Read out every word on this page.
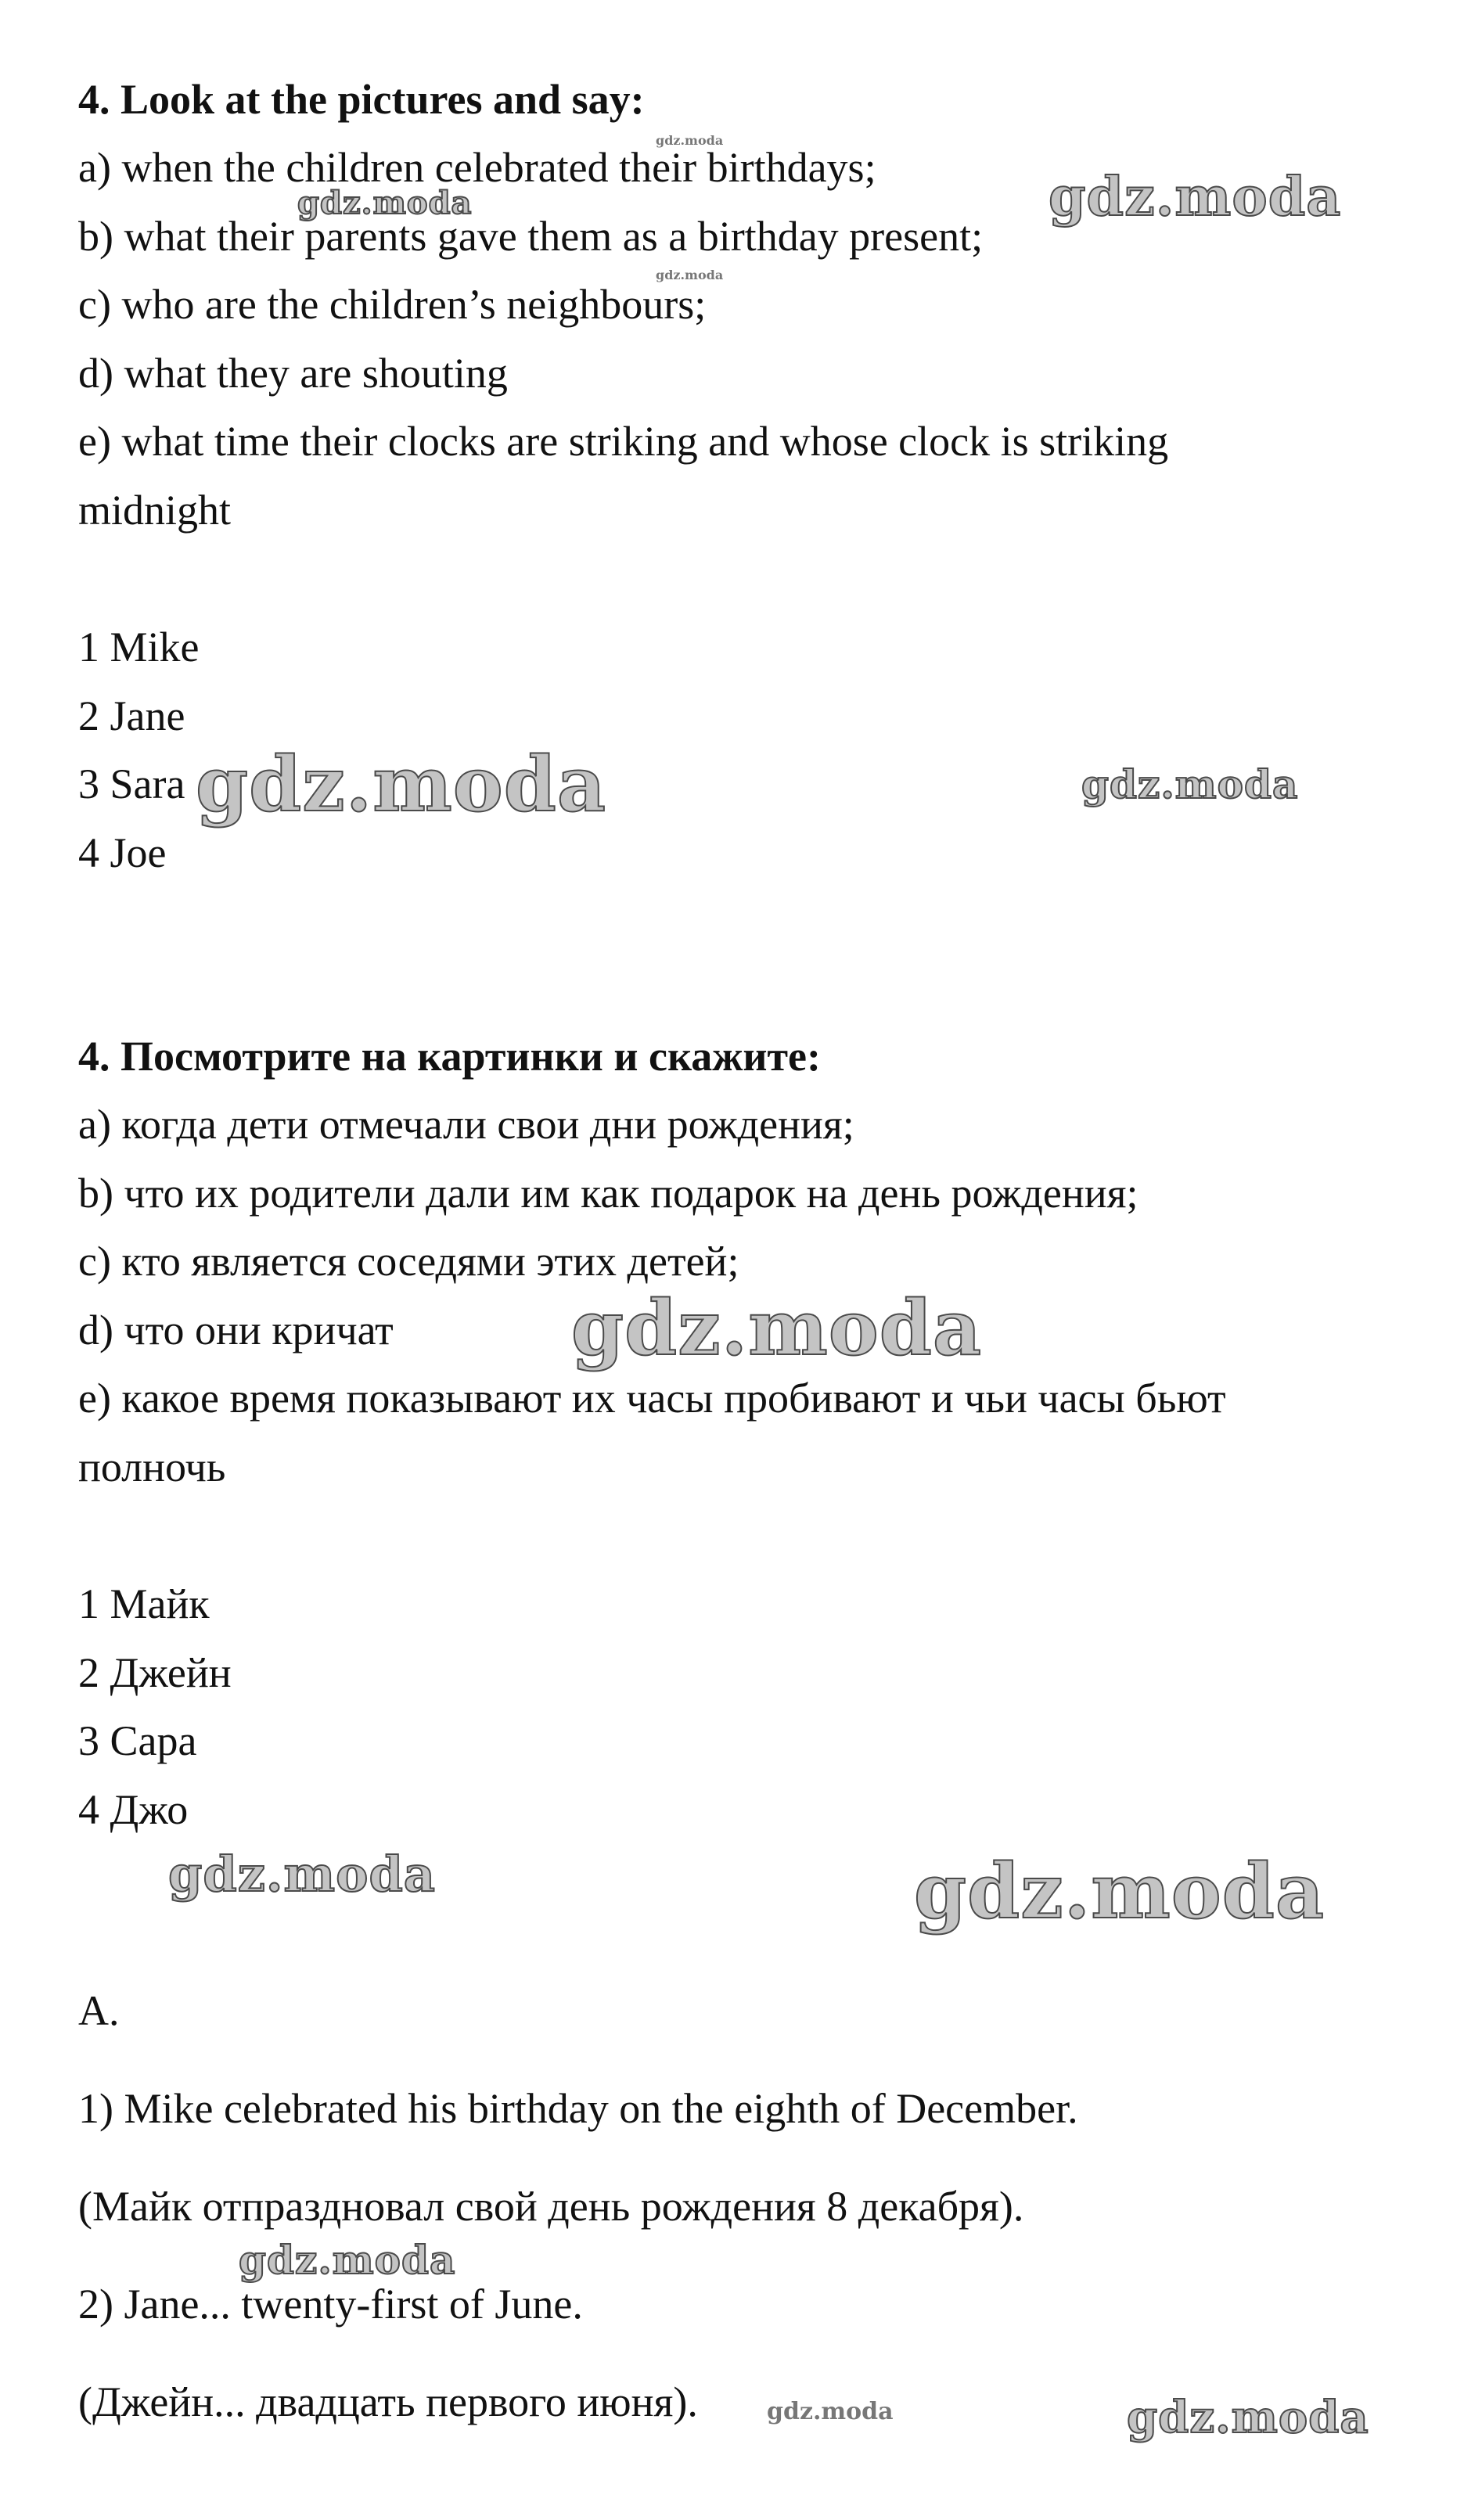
4. Look at the pictures and say:
a) when the children celebrated their birthdays;
b) what their parents gave them as a birthday present;
c) who are the children’s neighbours;
d) what they are shouting
e) what time their clocks are striking and whose clock is striking
midnight
1 Mike
2 Jane
3 Sara
4 Joe
4. Посмотрите на картинки и скажите:
a) когда дети отмечали свои дни рождения;
b) что их родители дали им как подарок на день рождения;
c) кто является соседями этих детей;
d) что они кричат
e) какое время показывают их часы пробивают и чьи часы бьют
полночь
1 Майк
2 Джейн
3 Сара
4 Джо
A.
1) Mike celebrated his birthday on the eighth of December.
(Майк отпраздновал свой день рождения 8 декабря).
2) Jane... twenty-first of June.
(Джейн... двадцать первого июня).
gdz.moda
gdz.moda	gdz.moda
gdz.moda
gdz.moda	gdz.moda
gdz.moda
gdz.moda	gdz.moda
gdz.moda
gdz.moda	gdz.moda
